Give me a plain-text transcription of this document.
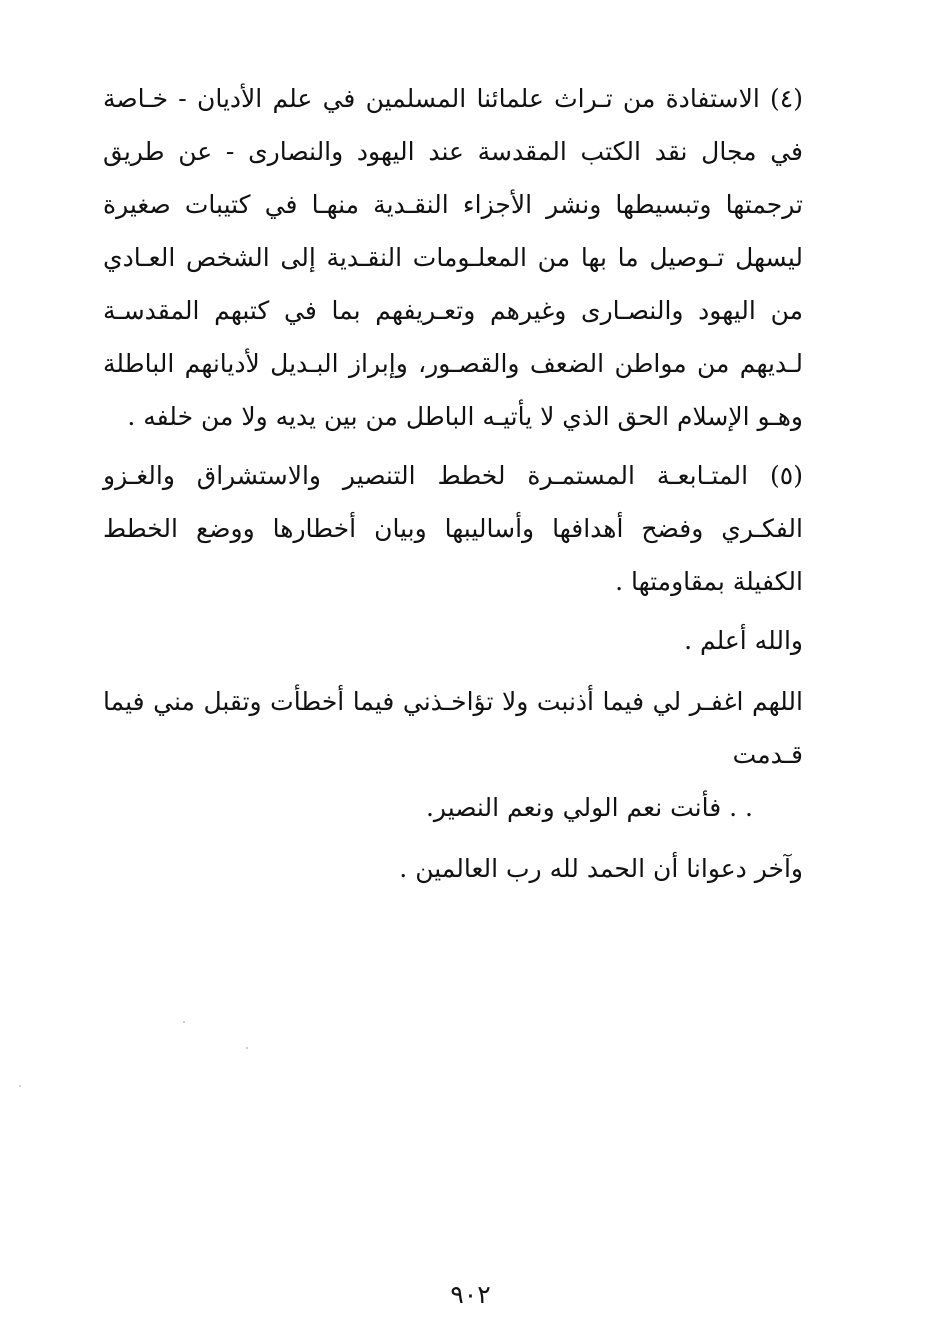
(٤) الاستفادة من تـراث علمائنا المسلمين في علم الأديان - خـاصة في مجال نقد الكتب المقدسة عند اليهود والنصارى - عن طريق ترجمتها وتبسيطها ونشر الأجزاء النقـدية منهـا في كتيبات صغيرة ليسهل تـوصيل ما بها من المعلـومات النقـدية إلى الشخص العـادي من اليهود والنصـارى وغيرهم وتعـريفهم بما في كتبهم المقدسـة لـديهم من مواطن الضعف والقصـور، وإبراز البـديل لأديانهم الباطلة وهـو الإسلام الحق الذي لا يأتيـه الباطل من بين يديه ولا من خلفه .
(٥) المتـابعـة المستمـرة لخطط التنصير والاستشراق والغـزو الفكـري وفضح أهدافها وأساليبها وبيان أخطارها ووضع الخطط الكفيلة بمقاومتها .

والله أعلم .

اللهم اغفـر لي فيما أذنبت ولا تؤاخـذني فيما أخطأت وتقبل مني فيما قـدمت

. . فأنت نعم الولي ونعم النصير.

وآخر دعوانا أن الحمد لله رب العالمين .

٩٠٢
